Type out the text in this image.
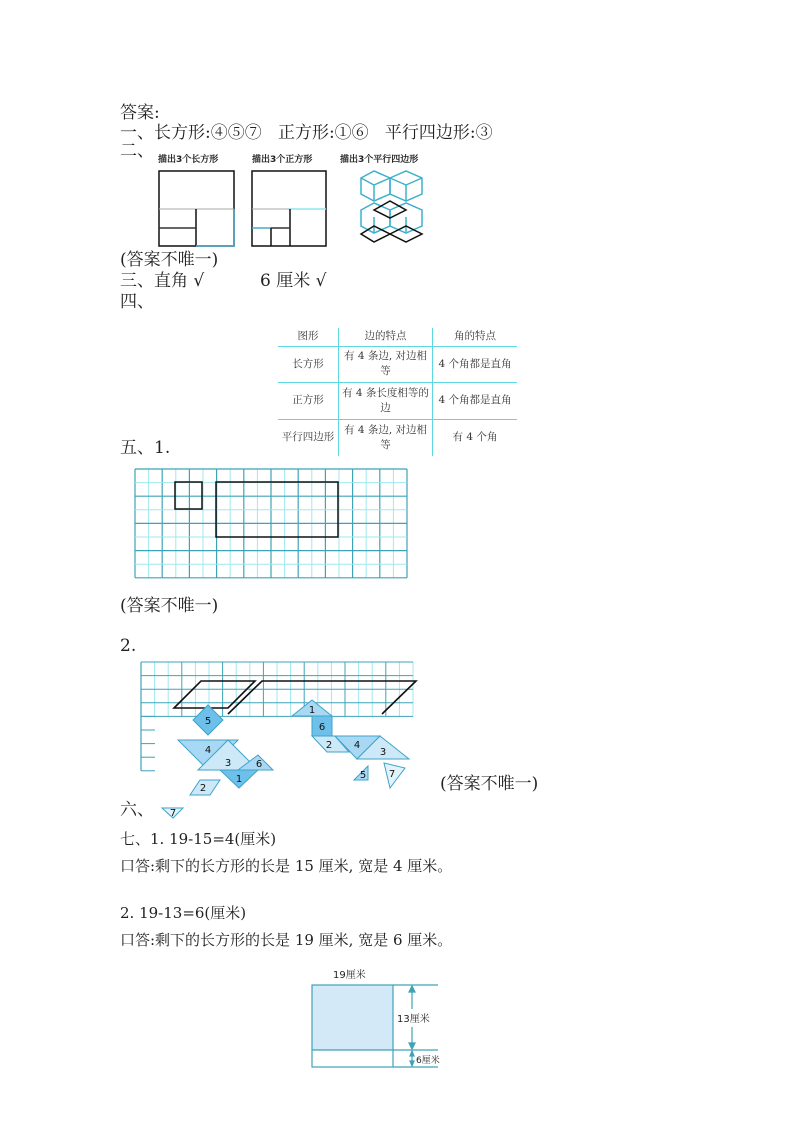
答案:
一、长方形:④⑤⑦   正方形:①⑥   平行四边形:③
二、 描出3个长方形	描出3个正方形	描出3个平行四边形
(答案不唯一)
三、直角 √	6 厘米 √
四、
图形	边的特点	角的特点
长方形	有 4 条边, 对边相等	4 个角都是直角
正方形	有 4 条长度相等的边	4 个角都是直角
平行四边形	有 4 条边, 对边相等	有 4 个角
五、1.
(答案不唯一)
2.
5
4
3 6
2
1
7
1
6
2 4
3
5 7	(答案不唯一)
六、
七、1. 19-15=4(厘米)
口答:剩下的长方形的长是 15 厘米, 宽是 4 厘米。
2. 19-13=6(厘米)
口答:剩下的长方形的长是 19 厘米, 宽是 6 厘米。
19厘米
13厘米
6厘米
